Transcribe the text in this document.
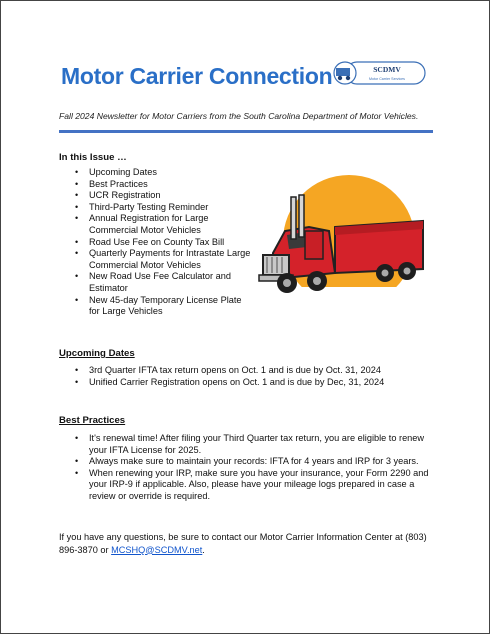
Motor Carrier Connection	SCDMV
Motor Carrier Services
Fall 2024 Newsletter for Motor Carriers from the South Carolina Department of Motor Vehicles.
In this Issue …
• Upcoming Dates
• Best Practices
• UCR Registration
• Third-Party Testing Reminder
• Annual Registration for Large Commercial Motor Vehicles
• Road Use Fee on County Tax Bill
• Quarterly Payments for Intrastate Large Commercial Motor Vehicles
• New Road Use Fee Calculator and Estimator
• New 45-day Temporary License Plate for Large Vehicles
Upcoming Dates
• 3rd Quarter IFTA tax return opens on Oct. 1 and is due by Oct. 31, 2024
• Unified Carrier Registration opens on Oct. 1 and is due by Dec, 31, 2024
Best Practices
• It's renewal time! After filing your Third Quarter tax return, you are eligible to renew your IFTA License for 2025.
• Always make sure to maintain your records: IFTA for 4 years and IRP for 3 years.
• When renewing your IRP, make sure you have your insurance, your Form 2290 and your IRP-9 if applicable. Also, please have your mileage logs prepared in case a review or override is required.
If you have any questions, be sure to contact our Motor Carrier Information Center at (803) 896-3870 or MCSHQ@SCDMV.net.
